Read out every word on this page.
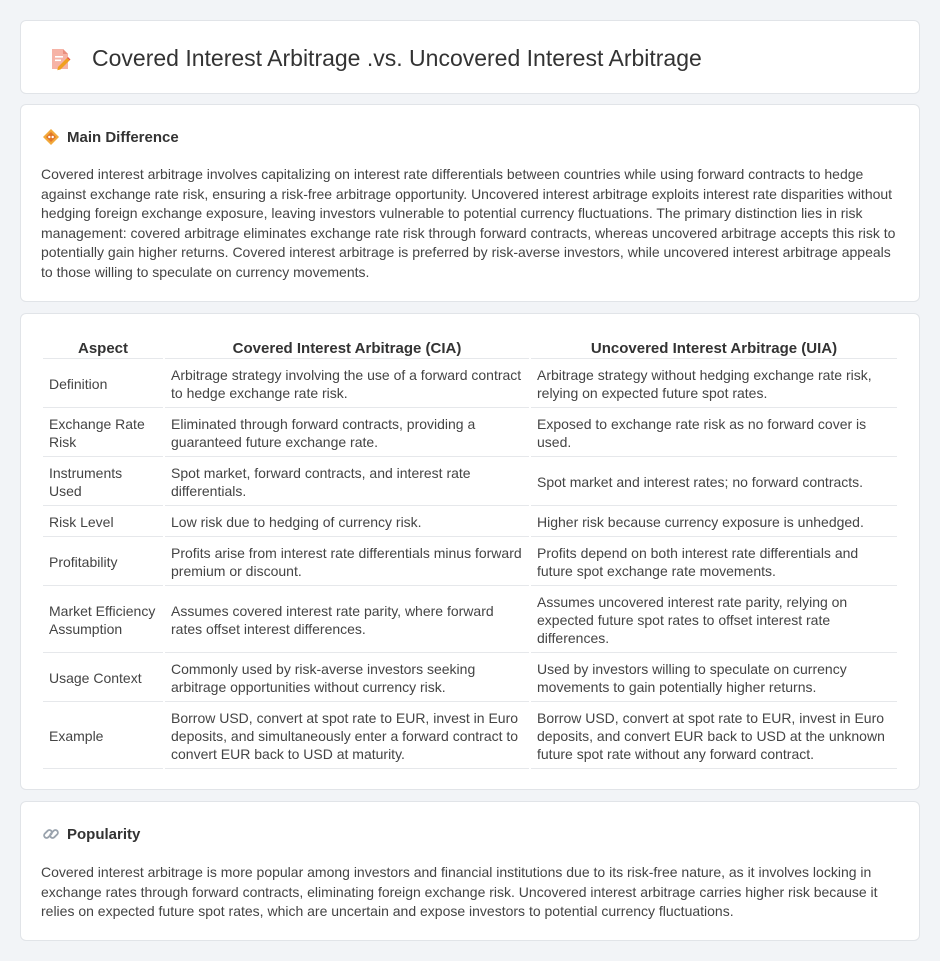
Covered Interest Arbitrage .vs. Uncovered Interest Arbitrage
Main Difference

Covered interest arbitrage involves capitalizing on interest rate differentials between countries while using forward contracts to hedge against exchange rate risk, ensuring a risk-free arbitrage opportunity. Uncovered interest arbitrage exploits interest rate disparities without hedging foreign exchange exposure, leaving investors vulnerable to potential currency fluctuations. The primary distinction lies in risk management: covered arbitrage eliminates exchange rate risk through forward contracts, whereas uncovered arbitrage accepts this risk to potentially gain higher returns. Covered interest arbitrage is preferred by risk-averse investors, while uncovered interest arbitrage appeals to those willing to speculate on currency movements.

Aspect	Covered Interest Arbitrage (CIA)	Uncovered Interest Arbitrage (UIA)
Definition	Arbitrage strategy involving the use of a forward contract to hedge exchange rate risk.	Arbitrage strategy without hedging exchange rate risk, relying on expected future spot rates.
Exchange Rate Risk	Eliminated through forward contracts, providing a guaranteed future exchange rate.	Exposed to exchange rate risk as no forward cover is used.
Instruments Used	Spot market, forward contracts, and interest rate differentials.	Spot market and interest rates; no forward contracts.
Risk Level	Low risk due to hedging of currency risk.	Higher risk because currency exposure is unhedged.
Profitability	Profits arise from interest rate differentials minus forward premium or discount.	Profits depend on both interest rate differentials and future spot exchange rate movements.
Market Efficiency Assumption	Assumes covered interest rate parity, where forward rates offset interest differences.	Assumes uncovered interest rate parity, relying on expected future spot rates to offset interest rate differences.
Usage Context	Commonly used by risk-averse investors seeking arbitrage opportunities without currency risk.	Used by investors willing to speculate on currency movements to gain potentially higher returns.
Example	Borrow USD, convert at spot rate to EUR, invest in Euro deposits, and simultaneously enter a forward contract to convert EUR back to USD at maturity.	Borrow USD, convert at spot rate to EUR, invest in Euro deposits, and convert EUR back to USD at the unknown future spot rate without any forward contract.
Popularity

Covered interest arbitrage is more popular among investors and financial institutions due to its risk-free nature, as it involves locking in exchange rates through forward contracts, eliminating foreign exchange risk. Uncovered interest arbitrage carries higher risk because it relies on expected future spot rates, which are uncertain and expose investors to potential currency fluctuations.
